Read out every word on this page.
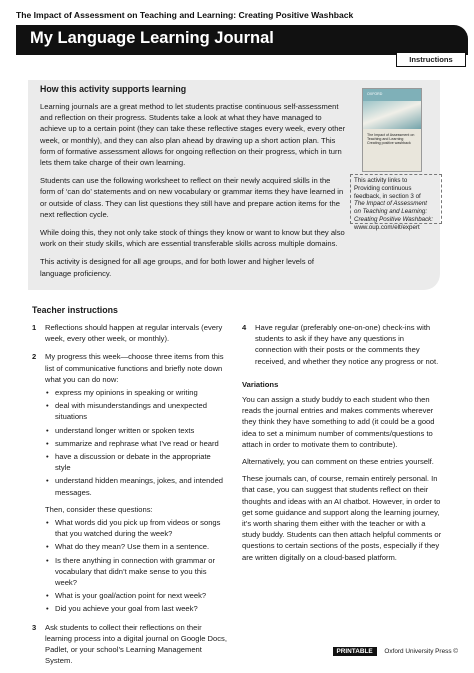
The Impact of Assessment on Teaching and Learning: Creating Positive Washback
My Language Learning Journal
Instructions
How this activity supports learning

Learning journals are a great method to let students practise continuous self-assessment and reflection on their progress. Students take a look at what they have managed to achieve up to a certain point (they can take these reflective stages every week, every other week, or monthly), and they can also plan ahead by drawing up a short action plan. This form of formative assessment allows for ongoing reflection on their progress, which in turn lets them take charge of their own learning.

Students can use the following worksheet to reflect on their newly acquired skills in the form of ‘can do’ statements and on new vocabulary or grammar items they have learned in or outside of class. They can list questions they still have and prepare action items for the next reflection cycle.

While doing this, they not only take stock of things they know or want to know but they also work on their study skills, which are essential transferable skills across multiple domains.

This activity is designed for all age groups, and for both lower and higher levels of language proficiency.

OXFORD
The Impact of Assessment on Teaching and Learning
Creating positive washback
This activity links to
Providing continuous
feedback, in section 3 of
The Impact of Assessment
on Teaching and Learning:
Creating Positive Washback:
www.oup.com/elt/expert
Teacher instructions
1 Reflections should happen at regular intervals (every week, every other week, or monthly).
2 My progress this week—choose three items from this list of communicative functions and briefly note down what you can do now:
• express my opinions in speaking or writing
• deal with misunderstandings and unexpected situations
• understand longer written or spoken texts
• summarize and rephrase what I’ve read or heard
• have a discussion or debate in the appropriate style
• understand hidden meanings, jokes, and intended messages.
Then, consider these questions:
• What words did you pick up from videos or songs that you watched during the week?
• What do they mean? Use them in a sentence.
• Is there anything in connection with grammar or vocabulary that didn’t make sense to you this week?
• What is your goal/action point for next week?
• Did you achieve your goal from last week?
3 Ask students to collect their reflections on their learning process into a digital journal on Google Docs, Padlet, or your school’s Learning Management System.
4 Have regular (preferably one-on-one) check-ins with students to ask if they have any questions in connection with their posts or the comments they received, and whether they notice any progress or not.
Variations

You can assign a study buddy to each student who then reads the journal entries and makes comments wherever they think they have something to add (it could be a good idea to set a minimum number of comments/questions to attach in order to motivate them to contribute).

Alternatively, you can comment on these entries yourself.

These journals can, of course, remain entirely personal. In that case, you can suggest that students reflect on their thoughts and ideas with an AI chatbot. However, in order to get some guidance and support along the learning journey, it’s worth sharing them either with the teacher or with a study buddy. Students can then attach helpful comments or questions to certain sections of the posts, especially if they are written digitally on a cloud-based platform.

PRINTABLE Oxford University Press ©
